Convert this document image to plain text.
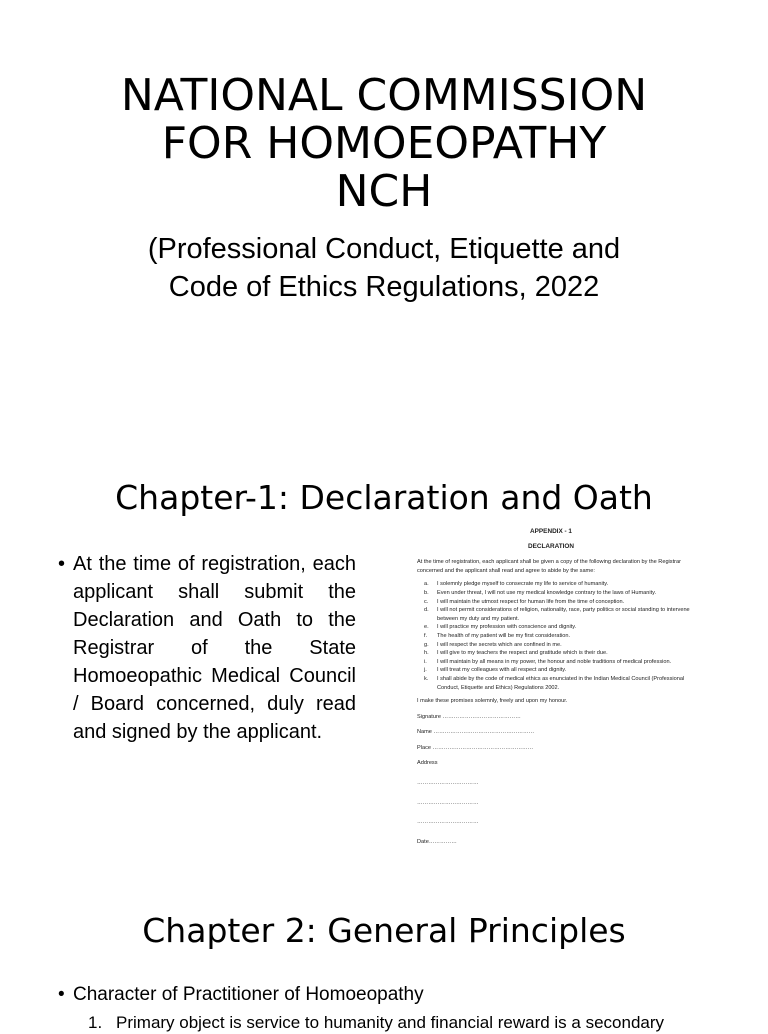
NATIONAL COMMISSION
FOR HOMOEOPATHY
NCH

(Professional Conduct, Etiquette and
Code of Ethics Regulations, 2022

Chapter-1: Declaration and Oath
• At the time of registration, each applicant shall submit the Declaration and Oath to the Registrar of the State Homoeopathic Medical Council / Board concerned, duly read and signed by the applicant.

APPENDIX - 1

DECLARATION

At the time of registration, each applicant shall be given a copy of the following declaration by the Registrar concerned and the applicant shall read and agree to abide by the same:

a. I solemnly pledge myself to consecrate my life to service of humanity.
b. Even under threat, I will not use my medical knowledge contrary to the laws of Humanity.
c. I will maintain the utmost respect for human life from the time of conception.
d. I will not permit considerations of religion, nationality, race, party politics or social standing to intervene between my duty and my patient.
e. I will practice my profession with conscience and dignity.
f. The health of my patient will be my first consideration.
g. I will respect the secrets which are confined in me.
h. I will give to my teachers the respect and gratitude which is their due.
i. I will maintain by all means in my power, the honour and noble traditions of medical profession.
j. I will treat my colleagues with all respect and dignity.
k. I shall abide by the code of medical ethics as enunciated in the Indian Medical Council (Professional Conduct, Etiquette and Ethics) Regulations 2002.

I make these promises solemnly, freely and upon my honour.

Signature ……………………………………

Name ………………………………………………

Place ………………………………………………

Address

……………………………

……………………………

……………………………

Date……………

Chapter 2: General Principles
• Character of Practitioner of Homoeopathy
1. Primary object is service to humanity and financial reward is a secondary
